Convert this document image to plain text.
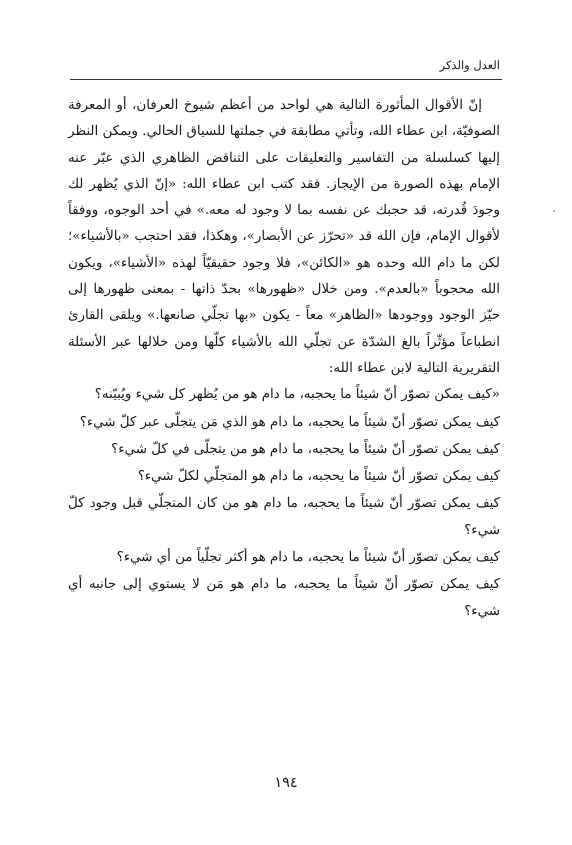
العدل والذكر

إنّ الأقوال المأثورة التالية هي لواحد من أعظم شيوخ العرفان، أو المعرفة الصوفيّة، ابن عطاء الله، وتأتي مطابقة في جملتها للسياق الحالي. ويمكن النظر إليها كسلسلة من التفاسير والتعليقات على التناقض الظاهري الذي عبّر عنه الإمام بهذه الصورة من الإيجاز. فقد كتب ابن عطاء الله: «إنّ الذي يُظهر لك وجودَ قُدرته، قد حجبك عن نفسه بما لا وجود له معه.» في أحد الوجوه، ووفقاً لأقوال الإمام، فإن الله قد «تحرّز عن الأبصار»، وهكذا، فقد احتجب «بالأشياء»؛ لكن ما دام الله وحده هو «الكائن»، فلا وجود حقيقيّاً لهذه «الأشياء»، ويكون الله محجوباً «بالعدم». ومن خلال «ظهورها» بحدّ ذاتها - بمعنى ظهورها إلى حيّز الوجود ووجودها «الظاهر» معاً - يكون «بها تجلّي صانعها.» ويلقى القارئ انطباعاً مؤثّراً بالغ الشدّة عن تجلّي الله بالأشياء كلّها ومن خلالها عبر الأسئلة التقريرية التالية لابن عطاء الله:

«كيف يمكن تصوّر أنّ شيئاً ما يحجبه، ما دام هو من يُظهر كل شيء ويُبيّنه؟

كيف يمكن تصوّر أنّ شيئاً ما يحجبه، ما دام هو الذي مَن يتجلّى عبر كلّ شيء؟

كيف يمكن تصوّر أنّ شيئاً ما يحجبه، ما دام هو من يتجلّى في كلّ شيء؟

كيف يمكن تصوّر أنّ شيئاً ما يحجبه، ما دام هو المتجلّي لكلّ شيء؟

كيف يمكن تصوّر أنّ شيئاً ما يحجبه، ما دام هو من كان المتجلّي قبل وجود كلّ شيء؟

كيف يمكن تصوّر أنّ شيئاً ما يحجبه، ما دام هو أكثر تجلّياً من أي شيء؟

كيف يمكن تصوّر أنّ شيئاً ما يحجبه، ما دام هو مَن لا يستوي إلى جانبه أي شيء؟

١٩٤
